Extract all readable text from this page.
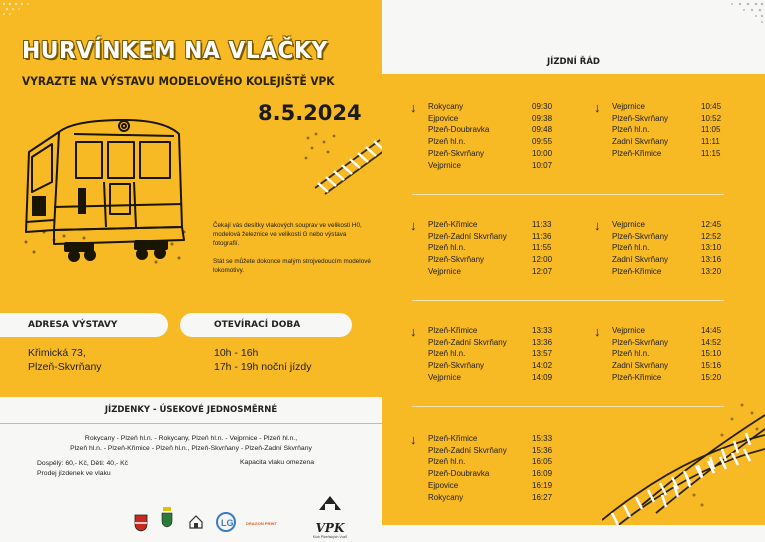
HURVÍNKEM NA VLÁČKY
VYRAZTE NA VÝSTAVU MODELOVÉHO KOLEJIŠTĚ VPK
8.5.2024

Čekají vás desítky vlakových souprav ve velikosti H0, modelová železnice ve velikosti G nebo výstava fotografií.

Stát se můžete dokonce malým strojvedoucím modelové lokomotivy.

ADRESA VÝSTAVY	OTEVÍRACÍ DOBA
Křimická 73,
Plzeň-Skvrňany
10h - 16h
17h - 19h noční jízdy
JÍZDENKY - ÚSEKOVÉ JEDNOSMĚRNÉ
Rokycany - Plzeň hl.n. - Rokycany, Plzeň hl.n. - Vejprnice - Plzeň hl.n.,
Plzeň hl.n. - Plzeň-Křimice - Plzeň hl.n., Plzeň-Skvrňany - Plzeň-Zadní Skvrňany
Dospělý: 60,- Kč, Děti: 40,- Kč
Prodej jízdenek ve vlaku
Kapacita vlaku omezena
LG	DRAGON PRINT	VPK
Klub Plzeňských Vozů
JÍZDNÍ ŘÁD
↓ Rokycany	09:30
Ejpovice	09:38
Plzeň-Doubravka	09:48
Plzeň hl.n.	09:55
Plzeň-Skvrňany	10:00
Vejprnice	10:07
↓ Vejprnice	10:45
Plzeň-Skvrňany	10:52
Plzeň hl.n.	11:05
Zadní Skvrňany	11:11
Plzeň-Křimice	11:15
↓ Plzeň-Křimice	11:33
Plzeň-Zadní Skvrňany	11:36
Plzeň hl.n.	11:55
Plzeň-Skvrňany	12:00
Vejprnice	12:07
↓ Vejprnice	12:45
Plzeň-Skvrňany	12:52
Plzeň hl.n.	13:10
Zadní Skvrňany	13:16
Plzeň-Křimice	13:20
↓ Plzeň-Křimice	13:33
Plzeň-Zadní Skvrňany	13:36
Plzeň hl.n.	13:57
Plzeň-Skvrňany	14:02
Vejprnice	14:09
↓ Vejprnice	14:45
Plzeň-Skvrňany	14:52
Plzeň hl.n.	15:10
Zadní Skvrňany	15:16
Plzeň-Křimice	15:20
↓ Plzeň-Křimice	15:33
Plzeň-Zadní Skvrňany	15:36
Plzeň hl.n.	16:05
Plzeň-Doubravka	16:09
Ejpovice	16:19
Rokycany	16:27
